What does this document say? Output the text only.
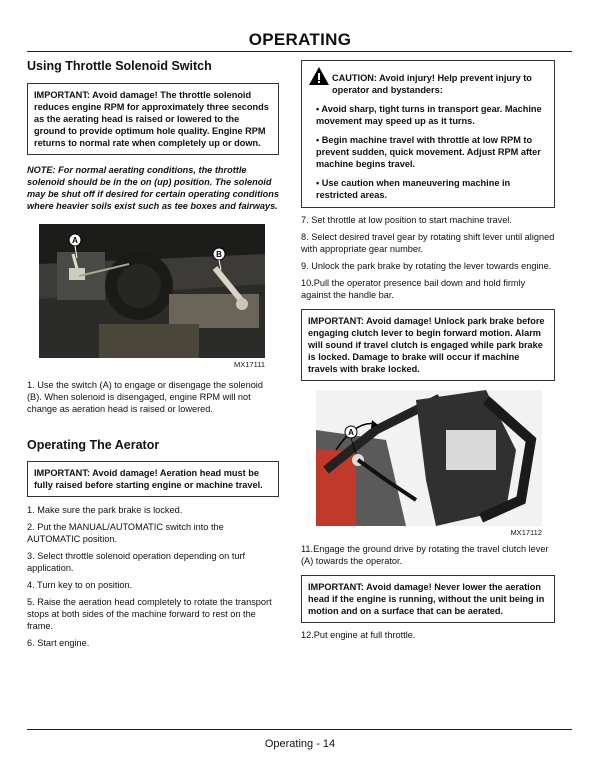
OPERATING
Using Throttle Solenoid Switch
IMPORTANT: Avoid damage! The throttle solenoid reduces engine RPM for approximately three seconds as the aerating head is raised or lowered to the ground to provide optimum hole quality. Engine RPM returns to normal rate when completely up or down.

NOTE: For normal aerating conditions, the throttle solenoid should be in the on (up) position. The solenoid may be shut off if desired for certain operating conditions where heavier soils exist such as tee boxes and fairways.

A
B
MX17111

1. Use the switch (A) to engage or disengage the solenoid (B). When solenoid is disengaged, engine RPM will not change as aeration head is raised or lowered.

Operating The Aerator
IMPORTANT: Avoid damage! Aeration head must be fully raised before starting engine or machine travel.

1. Make sure the park brake is locked.

2. Put the MANUAL/AUTOMATIC switch into the AUTOMATIC position.

3. Select throttle solenoid operation depending on turf application.

4. Turn key to on position.

5. Raise the aeration head completely to rotate the transport stops at both sides of the machine forward to rest on the frame.

6. Start engine.

CAUTION: Avoid injury! Help prevent injury to operator and bystanders:

• Avoid sharp, tight turns in transport gear. Machine movement may speed up as it turns.

• Begin machine travel with throttle at low RPM to prevent sudden, quick movement. Adjust RPM after machine begins travel.

• Use caution when maneuvering machine in restricted areas.

7. Set throttle at low position to start machine travel.

8. Select desired travel gear by rotating shift lever until aligned with appropriate gear number.

9. Unlock the park brake by rotating the lever towards engine.

10.Pull the operator presence bail down and hold firmly against the handle bar.

IMPORTANT: Avoid damage! Unlock park brake before engaging clutch lever to begin forward motion. Alarm will sound if travel clutch is engaged while park brake is locked. Damage to brake will occur if machine travels with brake locked.
A
MX17112

11.Engage the ground drive by rotating the travel clutch lever (A) towards the operator.

IMPORTANT: Avoid damage! Never lower the aeration head if the engine is running, without the unit being in motion and on a surface that can be aerated.

12.Put engine at full throttle.

Operating - 14
